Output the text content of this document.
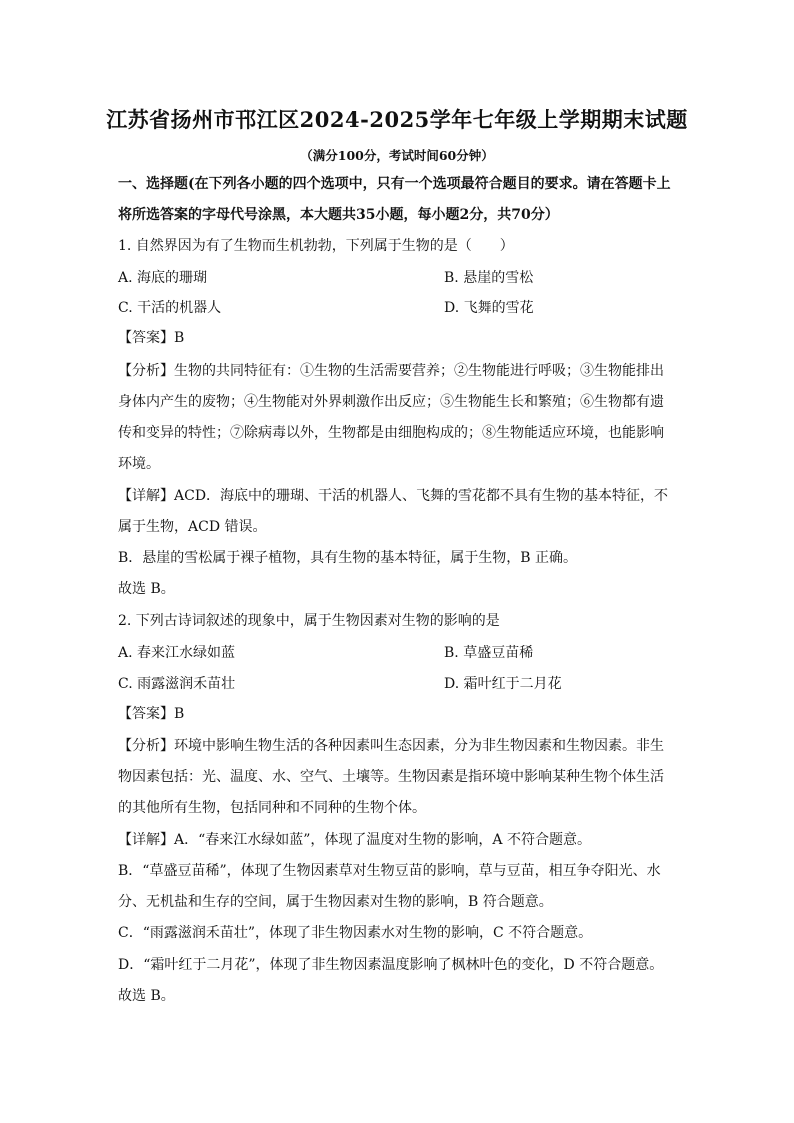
江苏省扬州市邗江区2024-2025学年七年级上学期期末试题
（满分100分，考试时间60分钟）
一、选择题(在下列各小题的四个选项中，只有一个选项最符合题目的要求。请在答题卡上
将所选答案的字母代号涂黑，本大题共35小题，每小题2分，共70分）
1. 自然界因为有了生物而生机勃勃，下列属于生物的是（　　）
A. 海底的珊瑚	B. 悬崖的雪松
C. 干活的机器人	D. 飞舞的雪花
【答案】B
【分析】生物的共同特征有：①生物的生活需要营养；②生物能进行呼吸；③生物能排出
身体内产生的废物；④生物能对外界刺激作出反应；⑤生物能生长和繁殖；⑥生物都有遗
传和变异的特性；⑦除病毒以外，生物都是由细胞构成的；⑧生物能适应环境，也能影响
环境。
【详解】ACD．海底中的珊瑚、干活的机器人、飞舞的雪花都不具有生物的基本特征，不
属于生物，ACD 错误。
B．悬崖的雪松属于裸子植物，具有生物的基本特征，属于生物，B 正确。
故选 B。
2. 下列古诗词叙述的现象中，属于生物因素对生物的影响的是
A. 春来江水绿如蓝	B. 草盛豆苗稀
C. 雨露滋润禾苗壮	D. 霜叶红于二月花
【答案】B
【分析】环境中影响生物生活的各种因素叫生态因素，分为非生物因素和生物因素。非生
物因素包括：光、温度、水、空气、土壤等。生物因素是指环境中影响某种生物个体生活
的其他所有生物，包括同种和不同种的生物个体。
【详解】A．“春来江水绿如蓝”，体现了温度对生物的影响，A 不符合题意。
B．“草盛豆苗稀”，体现了生物因素草对生物豆苗的影响，草与豆苗，相互争夺阳光、水
分、无机盐和生存的空间，属于生物因素对生物的影响，B 符合题意。
C．“雨露滋润禾苗壮”，体现了非生物因素水对生物的影响，C 不符合题意。
D．“霜叶红于二月花”，体现了非生物因素温度影响了枫林叶色的变化，D 不符合题意。
故选 B。
